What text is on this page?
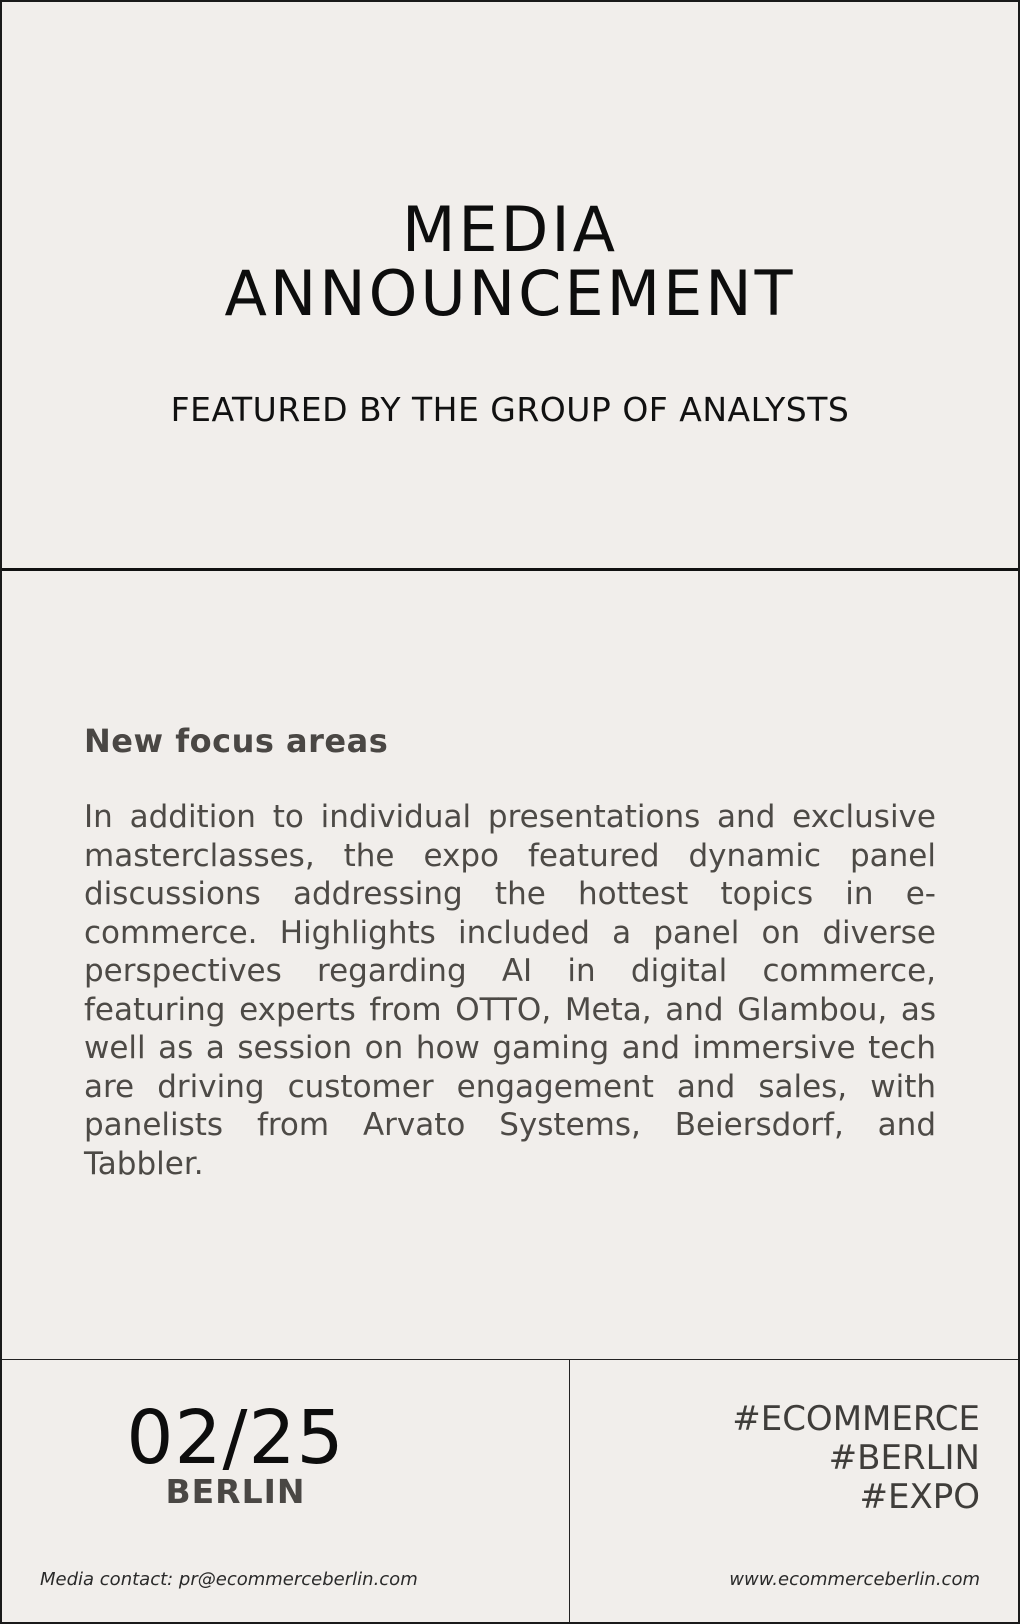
MEDIA
ANNOUNCEMENT

FEATURED BY THE GROUP OF ANALYSTS

New focus areas

In addition to individual presentations and exclusive masterclasses, the expo featured dynamic panel discussions addressing the hottest topics in e-commerce. Highlights included a panel on diverse perspectives regarding AI in digital commerce, featuring experts from OTTO, Meta, and Glambou, as well as a session on how gaming and immersive tech are driving customer engagement and sales, with panelists from Arvato Systems, Beiersdorf, and Tabbler.

02/25
BERLIN
Media contact: pr@ecommerceberlin.com
#ECOMMERCE
#BERLIN
#EXPO
www.ecommerceberlin.com
